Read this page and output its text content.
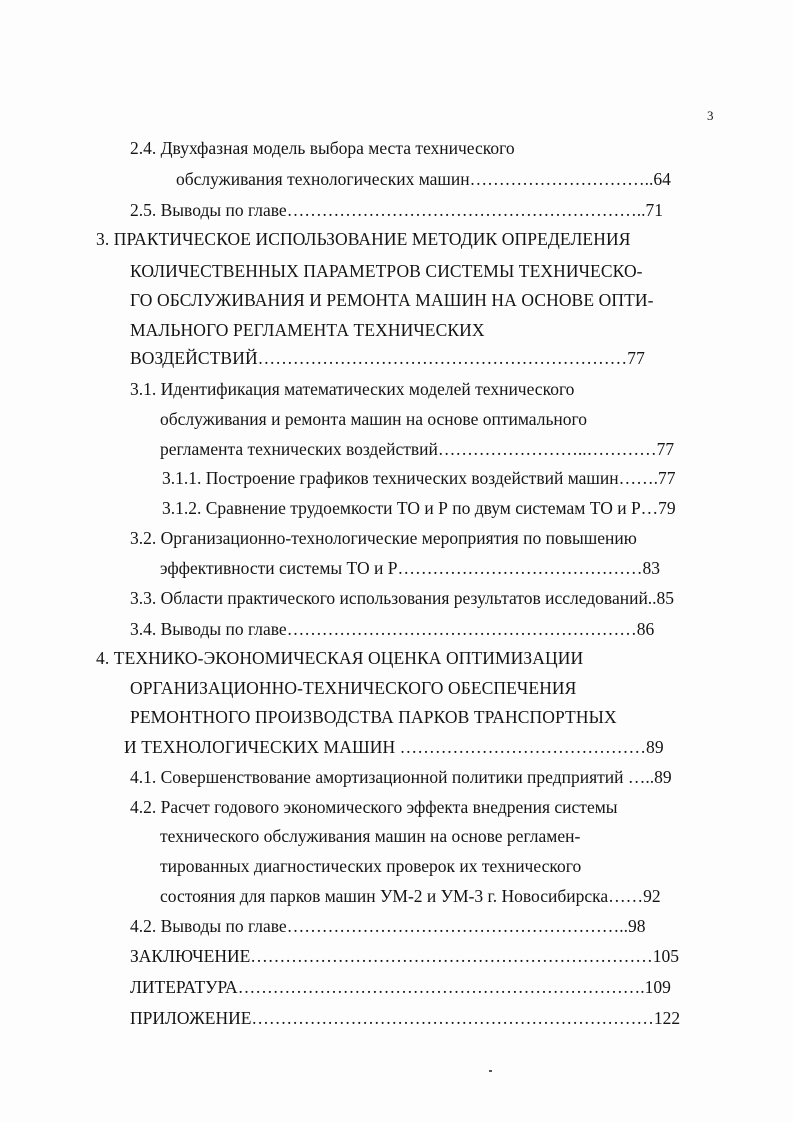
3
2.4. Двухфазная модель выбора места технического
обслуживания технологических машин…………………………..64
2.5. Выводы по главе……………………………………………………..71
3. ПРАКТИЧЕСКОЕ ИСПОЛЬЗОВАНИЕ МЕТОДИК ОПРЕДЕЛЕНИЯ
КОЛИЧЕСТВЕННЫХ ПАРАМЕТРОВ СИСТЕМЫ ТЕХНИЧЕСКО-
ГО ОБСЛУЖИВАНИЯ И РЕМОНТА МАШИН НА ОСНОВЕ ОПТИ-
МАЛЬНОГО РЕГЛАМЕНТА ТЕХНИЧЕСКИХ
ВОЗДЕЙСТВИЙ………………………………………………………77
3.1. Идентификация математических моделей технического
обслуживания и ремонта машин на основе оптимального
регламента технических воздействий……………………..…………77
3.1.1. Построение графиков технических воздействий машин…….77
3.1.2. Сравнение трудоемкости ТО и Р по двум системам ТО и Р…79
3.2. Организационно-технологические мероприятия по повышению
эффективности системы ТО и Р……………………………………83
3.3. Области практического использования результатов исследований..85
3.4. Выводы по главе……………………………………………………86
4. ТЕХНИКО-ЭКОНОМИЧЕСКАЯ ОЦЕНКА ОПТИМИЗАЦИИ
ОРГАНИЗАЦИОННО-ТЕХНИЧЕСКОГО ОБЕСПЕЧЕНИЯ
РЕМОНТНОГО ПРОИЗВОДСТВА ПАРКОВ ТРАНСПОРТНЫХ
И ТЕХНОЛОГИЧЕСКИХ МАШИН ……………………………………89
4.1. Совершенствование амортизационной политики предприятий …..89
4.2. Расчет годового экономического эффекта внедрения системы
технического обслуживания машин на основе регламен-
тированных диагностических проверок их технического
состояния для парков машин УМ-2 и УМ-3 г. Новосибирска……92
4.2. Выводы по главе…………………………………………………..98
ЗАКЛЮЧЕНИЕ……………………………………………………………105
ЛИТЕРАТУРА…………………………………………………………….109
ПРИЛОЖЕНИЕ……………………………………………………………122
